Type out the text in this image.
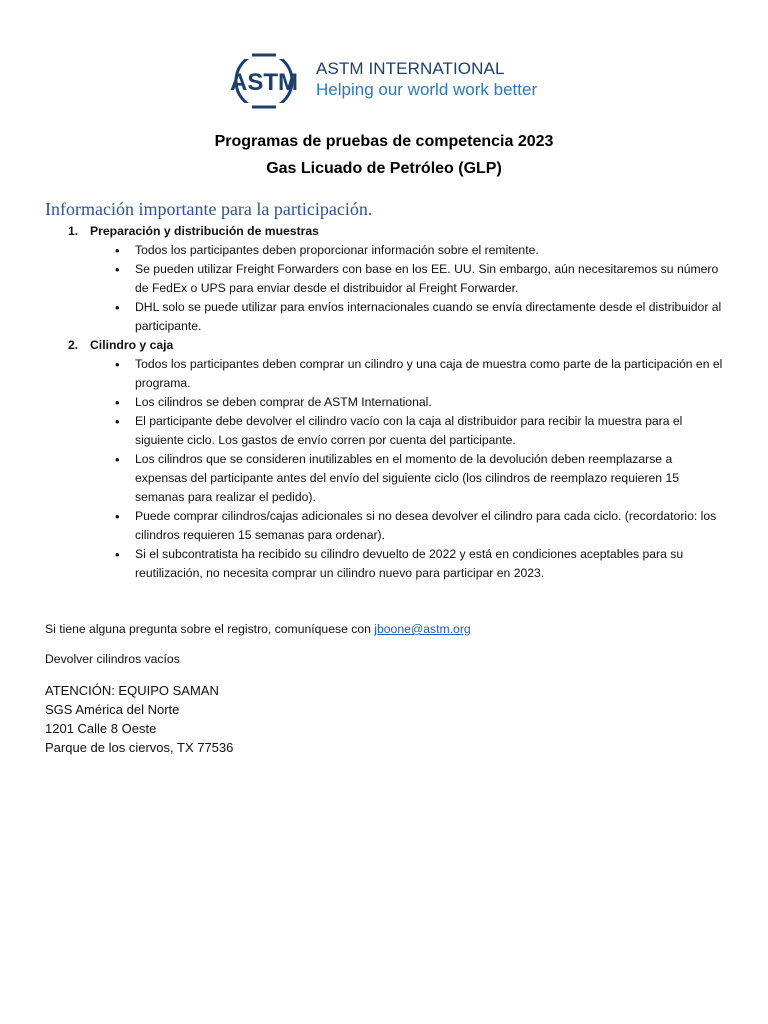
ASTM
ASTM INTERNATIONAL
Helping our world work better
Programas de pruebas de competencia 2023
Gas Licuado de Petróleo (GLP)
Información importante para la participación.
1. Preparación y distribución de muestras
• Todos los participantes deben proporcionar información sobre el remitente.
• Se pueden utilizar Freight Forwarders con base en los EE. UU. Sin embargo, aún necesitaremos su número de FedEx o UPS para enviar desde el distribuidor al Freight Forwarder.
• DHL solo se puede utilizar para envíos internacionales cuando se envía directamente desde el distribuidor al participante.
2. Cilindro y caja
• Todos los participantes deben comprar un cilindro y una caja de muestra como parte de la participación en el programa.
• Los cilindros se deben comprar de ASTM International.
• El participante debe devolver el cilindro vacío con la caja al distribuidor para recibir la muestra para el siguiente ciclo. Los gastos de envío corren por cuenta del participante.
• Los cilindros que se consideren inutilizables en el momento de la devolución deben reemplazarse a expensas del participante antes del envío del siguiente ciclo (los cilindros de reemplazo requieren 15 semanas para realizar el pedido).
• Puede comprar cilindros/cajas adicionales si no desea devolver el cilindro para cada ciclo. (recordatorio: los cilindros requieren 15 semanas para ordenar).
• Si el subcontratista ha recibido su cilindro devuelto de 2022 y está en condiciones aceptables para su reutilización, no necesita comprar un cilindro nuevo para participar en 2023.
Si tiene alguna pregunta sobre el registro, comuníquese con jboone@astm.org
Devolver cilindros vacíos
ATENCIÓN: EQUIPO SAMAN
SGS América del Norte
1201 Calle 8 Oeste
Parque de los ciervos, TX 77536
